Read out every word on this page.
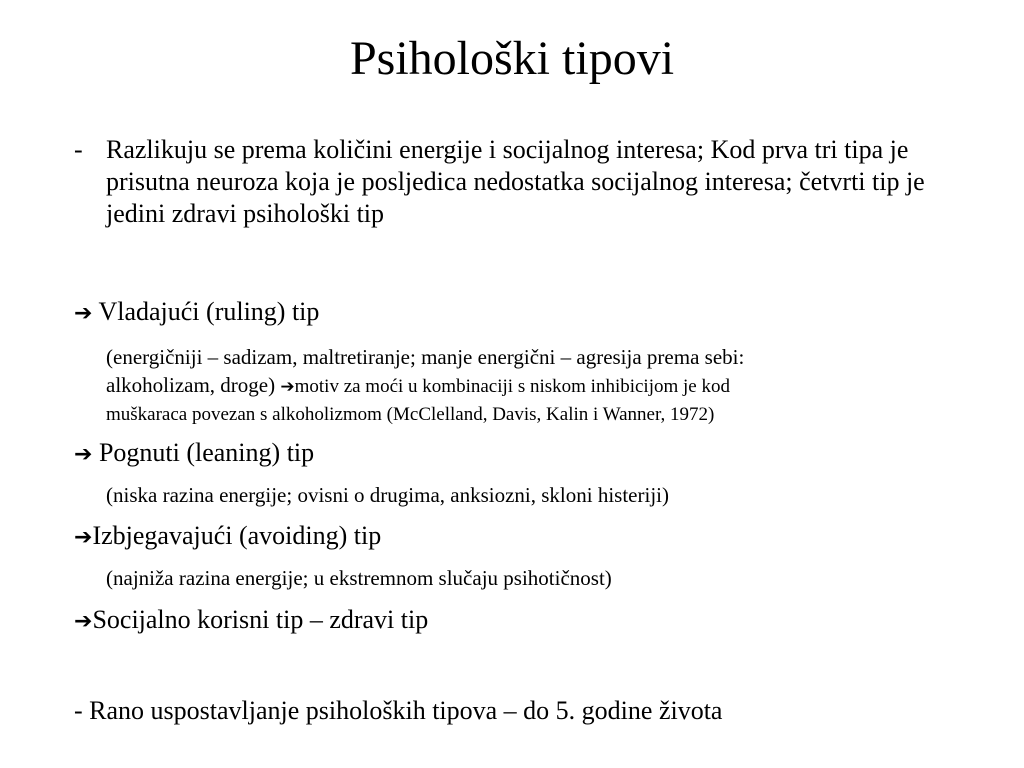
Psihološki tipovi
- Razlikuju se prema količini energije i socijalnog interesa; Kod prva tri tipa je prisutna neuroza koja je posljedica nedostatka socijalnog interesa; četvrti tip je jedini zdravi psihološki tip
➔ Vladajući (ruling) tip
(energičniji – sadizam, maltretiranje; manje energični – agresija prema sebi:
alkoholizam, droge) ➔motiv za moći u kombinaciji s niskom inhibicijom je kod
muškaraca povezan s alkoholizmom (McClelland, Davis, Kalin i Wanner, 1972)
➔ Pognuti (leaning) tip
(niska razina energije; ovisni o drugima, anksiozni, skloni histeriji)
➔Izbjegavajući (avoiding) tip
(najniža razina energije; u ekstremnom slučaju psihotičnost)
➔Socijalno korisni tip – zdravi tip
- Rano uspostavljanje psiholoških tipova – do 5. godine života
